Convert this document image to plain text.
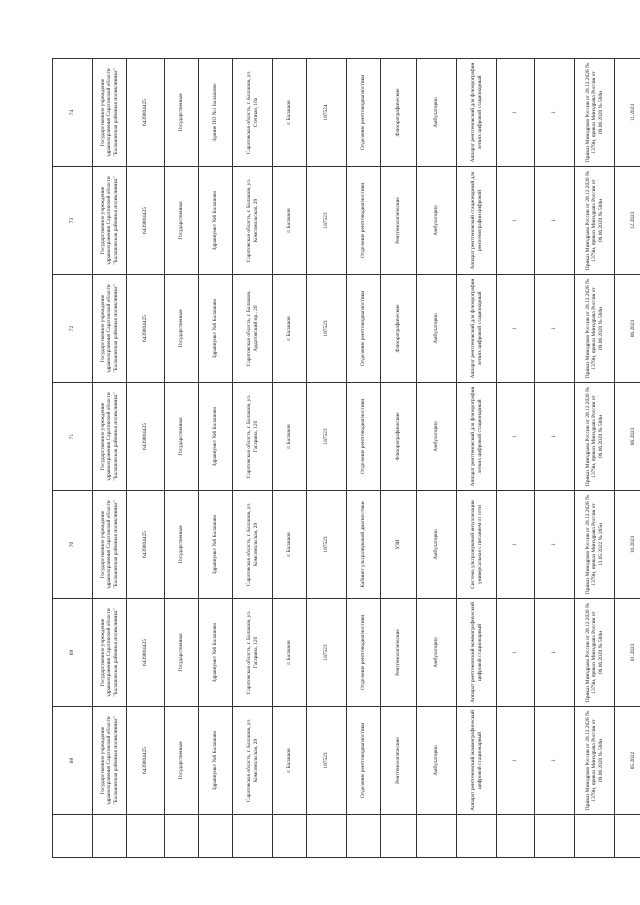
	68	69	70	71	72	73	74
	Государственное учреждение здравоохранения Саратовской области "Балашовская районная поликлиника"	Государственное учреждение здравоохранения Саратовской области "Балашовская районная поликлиника"	Государственное учреждение здравоохранения Саратовской области "Балашовская районная поликлиника"	Государственное учреждение здравоохранения Саратовской области "Балашовская районная поликлиника"	Государственное учреждение здравоохранения Саратовской области "Балашовская районная поликлиника"	Государственное учреждение здравоохранения Саратовской области "Балашовская районная поликлиника"	Государственное учреждение здравоохранения Саратовской области "Балашовская районная поликлиника"
	6439004425	6439004425	6439004425	6439004425	6439004425	6439004425	6439004425
	Государственная	Государственная	Государственная	Государственная	Государственная	Государственная	Государственная
	Здравпункт №6 Балашово	Здравпункт №6 Балашово	Здравпункт №6 Балашово	Здравпункт №6 Балашово	Здравпункт №6 Балашово	Здравпункт №6 Балашово	Здание ПО №1 Балашово
	Саратовская область, г. Балашов, ул. Комсомольская, 29	Саратовская область, г. Балашов, ул. Гагарина, 12б	Саратовская область, г. Балашов, ул. Комсомольская, 29	Саратовская область, г. Балашов, ул. Гагарина, 12б	Саратовская область, г. Балашов, Ардатовский пр., 29	Саратовская область, г. Балашов, ул. Комсомольская, 29	Саратовская область, г. Балашов, ул. Степная, 10а
	г. Балашов	г. Балашов	г. Балашов	г. Балашов	г. Балашов	г. Балашов	г. Балашов
	187523	187523	187523	187523	187523	187523	187524
	Отделение рентгенодиагностики	Отделение рентгенодиагностики	Кабинет ультразвуковой диагностики	Отделение рентгенодиагностики	Отделение рентгенодиагностики	Отделение рентгенодиагностики	Отделение рентгенодиагностики
	Рентгенологические	Рентгенологические	УЗИ	Флюорографические	Флюорографические	Рентгенологические	Флюорографические
	Амбулаторно	Амбулаторно	Амбулаторно	Амбулаторно	Амбулаторно	Амбулаторно	Амбулаторно
	Аппарат рентгеновский маммографический цифровой стационарный	Аппарат рентгеновский маммографический цифровой стационарный	Система ультразвуковой визуализации универсальная с питанием от сети	Аппарат рентгеновский для флюорографии легких цифровой стационарный	Аппарат рентгеновский для флюорографии легких цифровой стационарный	Аппарат рентгеновский стационарный для рентгенографии цифровой	Аппарат рентгеновский для флюорографии легких цифровой стационарный
	1	1	1	1	1	1	1
	1	1	1	1	1	1	1
	Приказ Минздрава России от 28.12.2020 № 1379н, приказ Минздрава России от 09.06.2020 № 560н	Приказ Минздрава России от 28.12.2020 № 1379н, приказ Минздрава России от 09.06.2020 № 560н	Приказ Минздрава России от 28.12.2020 № 1379н, приказ Минздрава России от 13.05.2022 № 265н	Приказ Минздрава России от 28.12.2020 № 1379н, приказ Минздрава России от 09.06.2020 № 560н	Приказ Минздрава России от 28.12.2020 № 1379н, приказ Минздрава России от 09.06.2020 № 560н	Приказ Минздрава России от 28.12.2020 № 1379н, приказ Минздрава России от 09.06.2020 № 560н	Приказ Минздрава России от 28.12.2020 № 1379н, приказ Минздрава России от 09.06.2020 № 560н
	05.2022	01.2023	10.2023	06.2023	06.2023	12.2023	11.2023
